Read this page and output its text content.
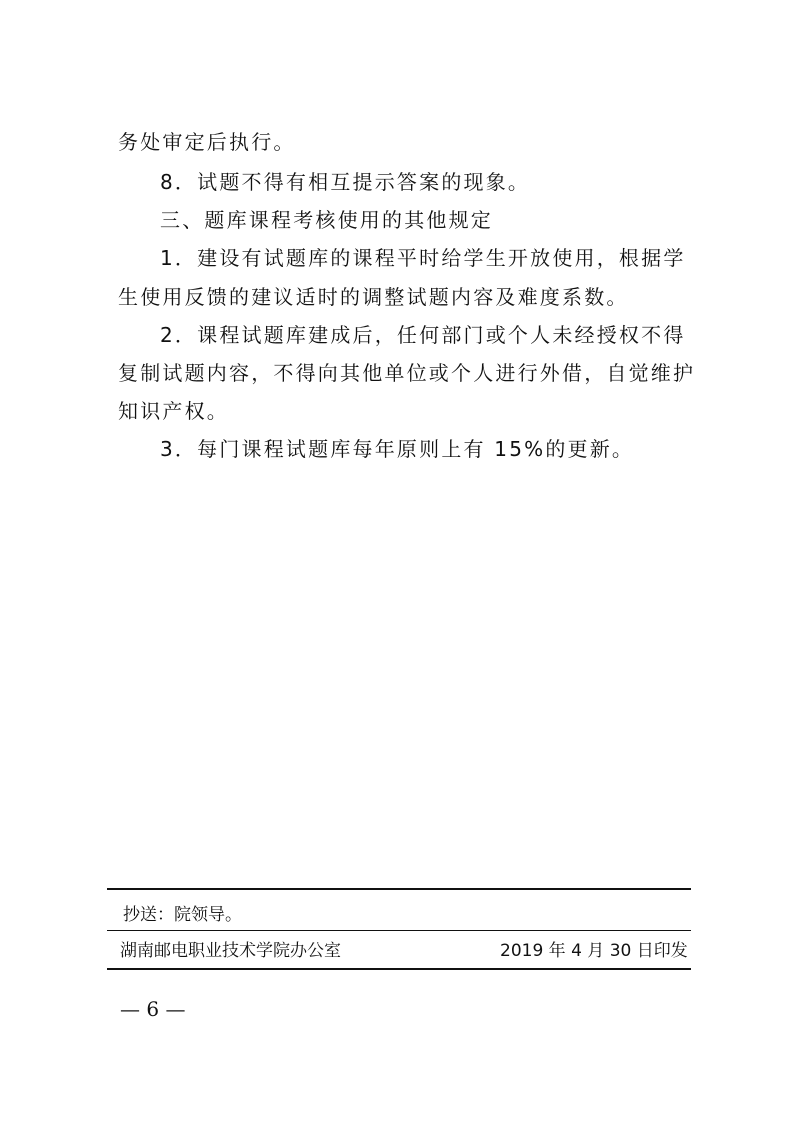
务处审定后执行。
8．试题不得有相互提示答案的现象。
三、题库课程考核使用的其他规定
1．建设有试题库的课程平时给学生开放使用，根据学
生使用反馈的建议适时的调整试题内容及难度系数。
2．课程试题库建成后，任何部门或个人未经授权不得
复制试题内容，不得向其他单位或个人进行外借，自觉维护
知识产权。
3．每门课程试题库每年原则上有 15%的更新。
抄送：院领导。
湖南邮电职业技术学院办公室	2019 年 4 月 30 日印发
— 6 —
